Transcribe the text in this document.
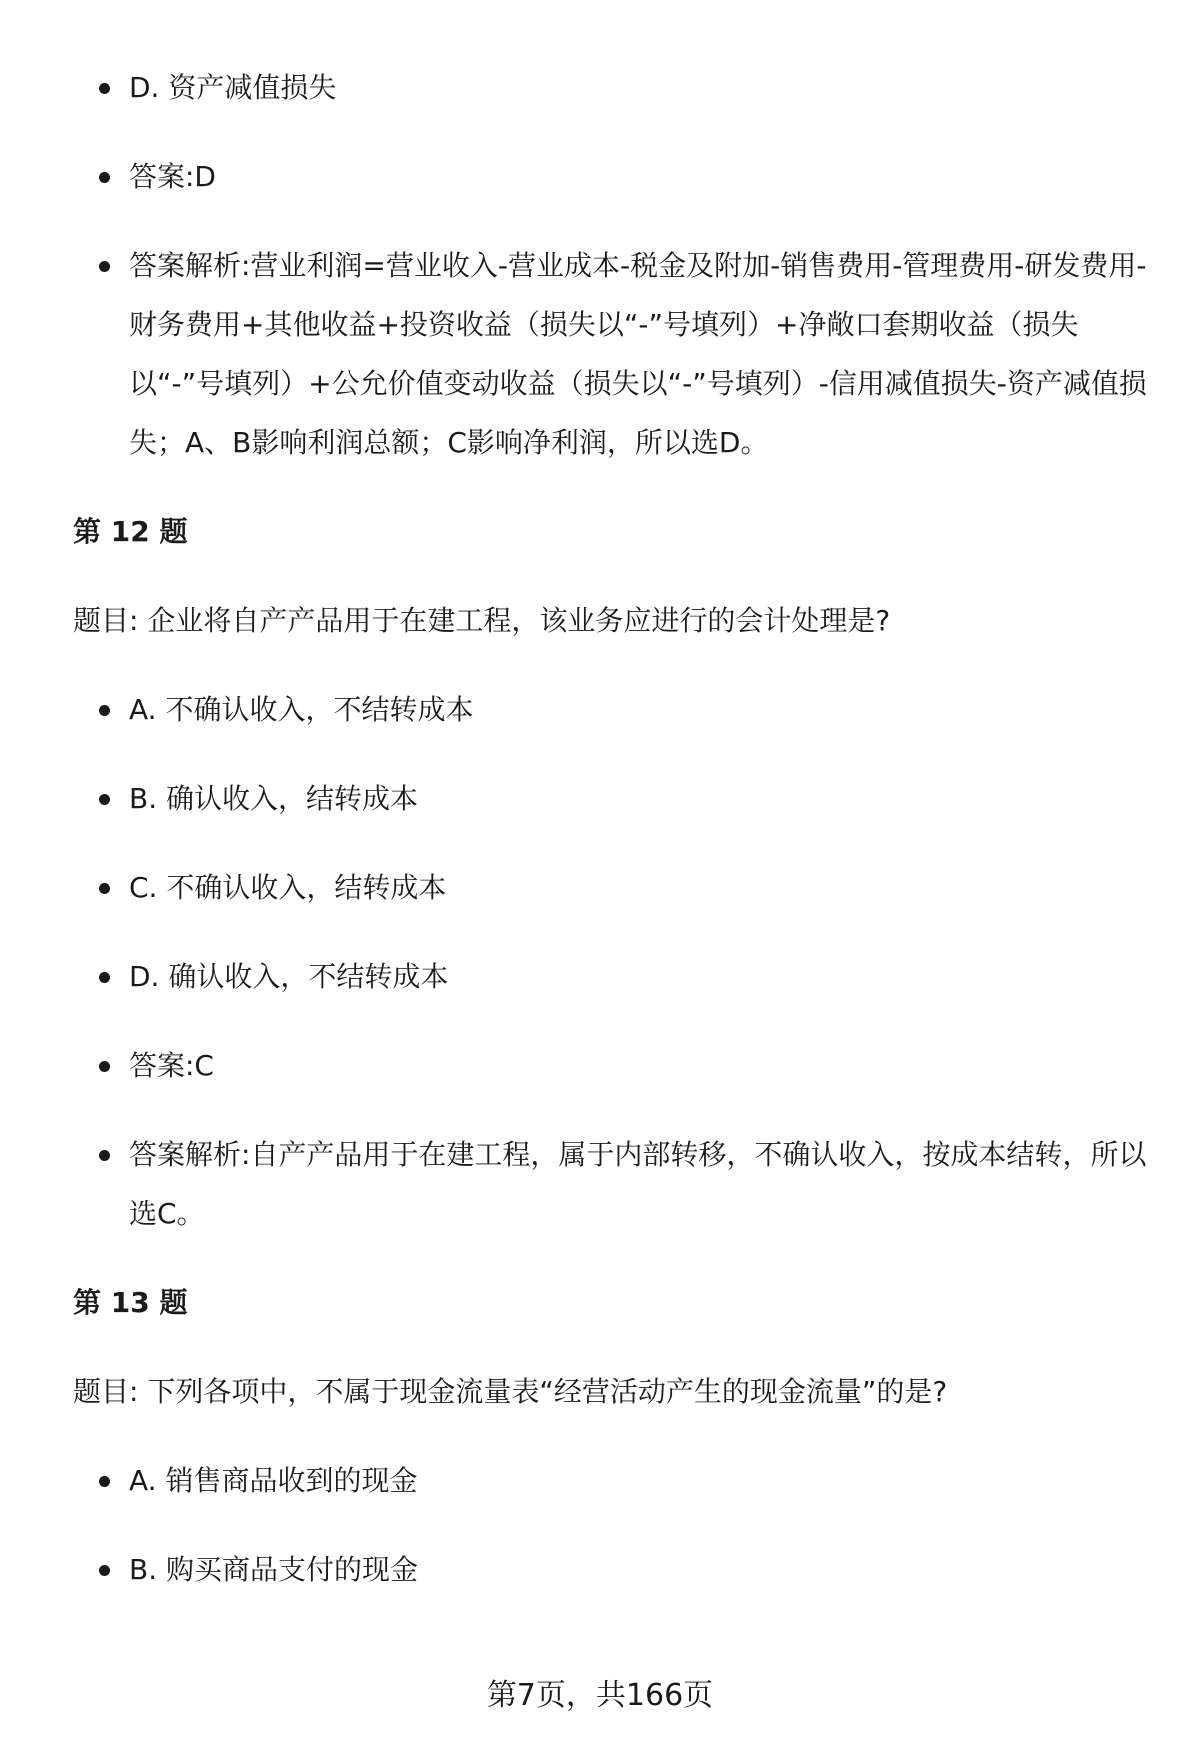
D. 资产减值损失
答案:D
答案解析:营业利润=营业收入-营业成本-税金及附加-销售费用-管理费用-研发费用-财务费用+其他收益+投资收益（损失以“-”号填列）+净敞口套期收益（损失以“-”号填列）+公允价值变动收益（损失以“-”号填列）-信用减值损失-资产减值损失；A、B影响利润总额；C影响净利润，所以选D。
第 12 题
题目: 企业将自产产品用于在建工程，该业务应进行的会计处理是?
A. 不确认收入，不结转成本
B. 确认收入，结转成本
C. 不确认收入，结转成本
D. 确认收入，不结转成本
答案:C
答案解析:自产产品用于在建工程，属于内部转移，不确认收入，按成本结转，所以选C。
第 13 题
题目: 下列各项中，不属于现金流量表“经营活动产生的现金流量”的是?
A. 销售商品收到的现金
B. 购买商品支付的现金
第7页，共166页
